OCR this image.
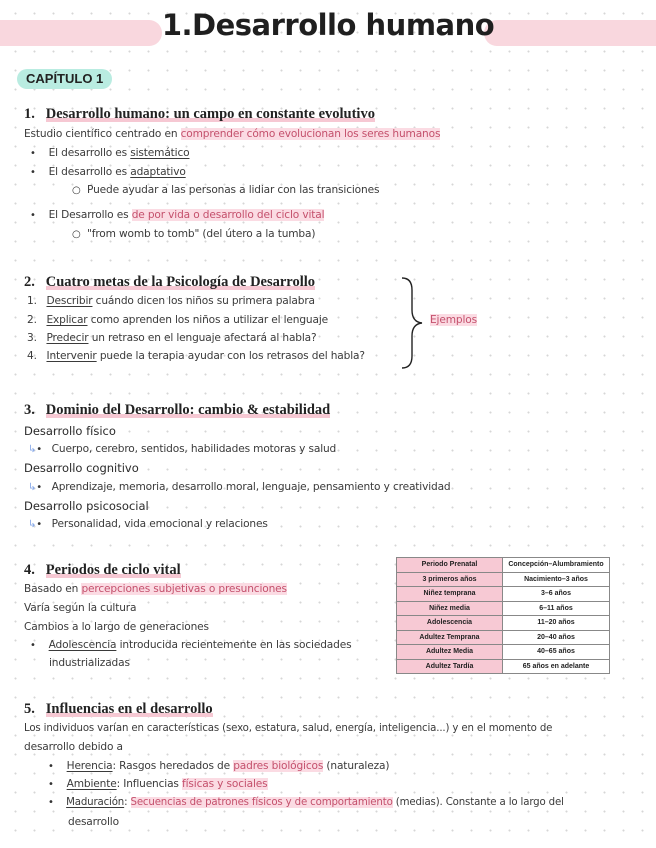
1.Desarrollo humano
CAPÍTULO 1
1. Desarrollo humano: un campo en constante evolutivo
Estudio científico centrado en comprender cómo evolucionan los seres humanos
• El desarrollo es sistemático
• El desarrollo es adaptativo
○ Puede ayudar a las personas a lidiar con las transiciones
• El Desarrollo es de por vida o desarrollo del ciclo vital
○ "from womb to tomb" (del útero a la tumba)
2. Cuatro metas de la Psicología de Desarrollo
1. Describir cuándo dicen los niños su primera palabra
2. Explicar como aprenden los niños a utilizar el lenguaje
3. Predecir un retraso en el lenguaje afectará al habla?
4. Intervenir puede la terapia ayudar con los retrasos del habla?
Ejemplos
3. Dominio del Desarrollo: cambio & estabilidad
Desarrollo físico
↳• Cuerpo, cerebro, sentidos, habilidades motoras y salud
Desarrollo cognitivo
↳• Aprendizaje, memoria, desarrollo moral, lenguaje, pensamiento y creatividad
Desarrollo psicosocial
↳• Personalidad, vida emocional y relaciones
4. Periodos de ciclo vital
Basado en percepciones subjetivas o presunciones
Varía según la cultura
Cambios a lo largo de generaciones
• Adolescencia introducida recientemente en las sociedades
industrializadas
Periodo Prenatal	Concepción–Alumbramiento
3 primeros años	Nacimiento–3 años
Niñez temprana	3–6 años
Niñez media	6–11 años
Adolescencia	11–20 años
Adultez Temprana	20–40 años
Adultez Media	40–65 años
Adultez Tardía	65 años en adelante
5. Influencias en el desarrollo
Los individuos varían en características (sexo, estatura, salud, energía, inteligencia...) y en el momento de
desarrollo debido a
• Herencia: Rasgos heredados de padres biológicos (naturaleza)
• Ambiente: Influencias físicas y sociales
• Maduración: Secuencias de patrones físicos y de comportamiento (medias). Constante a lo largo del
desarrollo
